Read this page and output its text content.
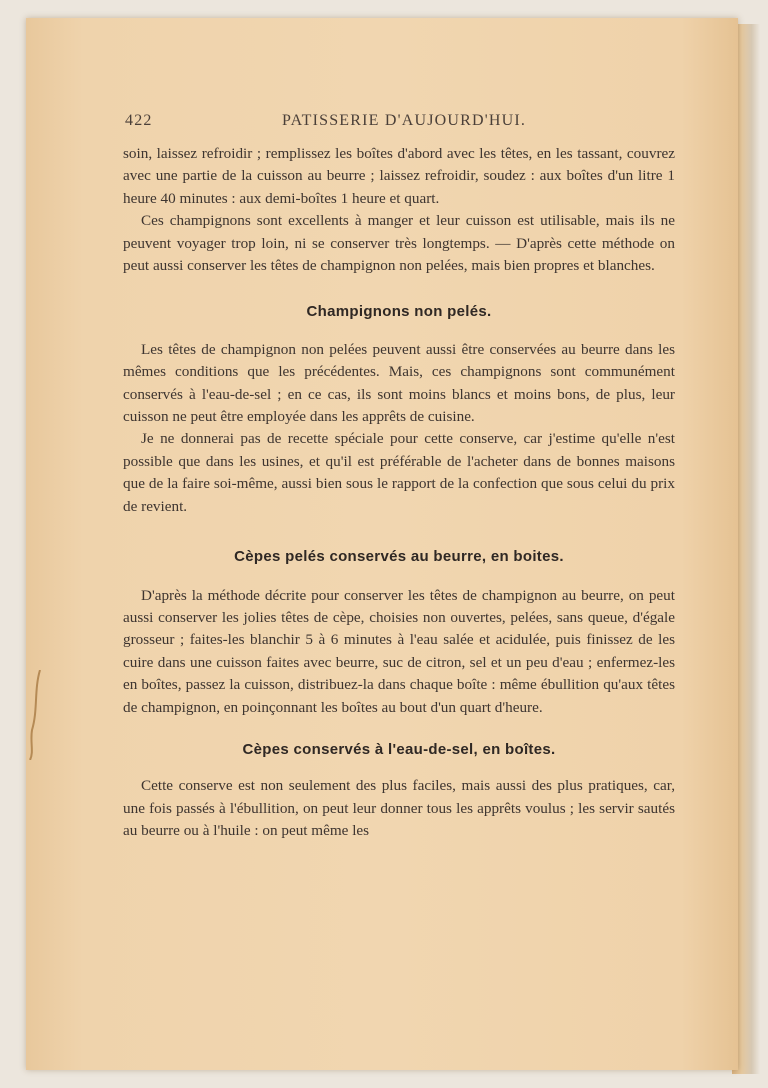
422	PATISSERIE D'AUJOURD'HUI.

soin, laissez refroidir ; remplissez les boîtes d'abord avec les têtes, en les tassant, couvrez avec une partie de la cuisson au beurre ; laissez refroidir, soudez : aux boîtes d'un litre 1 heure 40 minutes : aux demi-boîtes 1 heure et quart.

Ces champignons sont excellents à manger et leur cuisson est utilisable, mais ils ne peuvent voyager trop loin, ni se conserver très longtemps. — D'après cette méthode on peut aussi conserver les têtes de champignon non pelées, mais bien propres et blanches.

Champignons non pelés.

Les têtes de champignon non pelées peuvent aussi être conservées au beurre dans les mêmes conditions que les précédentes. Mais, ces champignons sont communément conservés à l'eau-de-sel ; en ce cas, ils sont moins blancs et moins bons, de plus, leur cuisson ne peut être employée dans les apprêts de cuisine.

Je ne donnerai pas de recette spéciale pour cette conserve, car j'estime qu'elle n'est possible que dans les usines, et qu'il est préférable de l'acheter dans de bonnes maisons que de la faire soi-même, aussi bien sous le rapport de la confection que sous celui du prix de revient.

Cèpes pelés conservés au beurre, en boites.

D'après la méthode décrite pour conserver les têtes de champignon au beurre, on peut aussi conserver les jolies têtes de cèpe, choisies non ouvertes, pelées, sans queue, d'égale grosseur ; faites-les blanchir 5 à 6 minutes à l'eau salée et acidulée, puis finissez de les cuire dans une cuisson faites avec beurre, suc de citron, sel et un peu d'eau ; enfermez-les en boîtes, passez la cuisson, distribuez-la dans chaque boîte : même ébullition qu'aux têtes de champignon, en poinçonnant les boîtes au bout d'un quart d'heure.

Cèpes conservés à l'eau-de-sel, en boîtes.

Cette conserve est non seulement des plus faciles, mais aussi des plus pratiques, car, une fois passés à l'ébullition, on peut leur donner tous les apprêts voulus ; les servir sautés au beurre ou à l'huile : on peut même les
